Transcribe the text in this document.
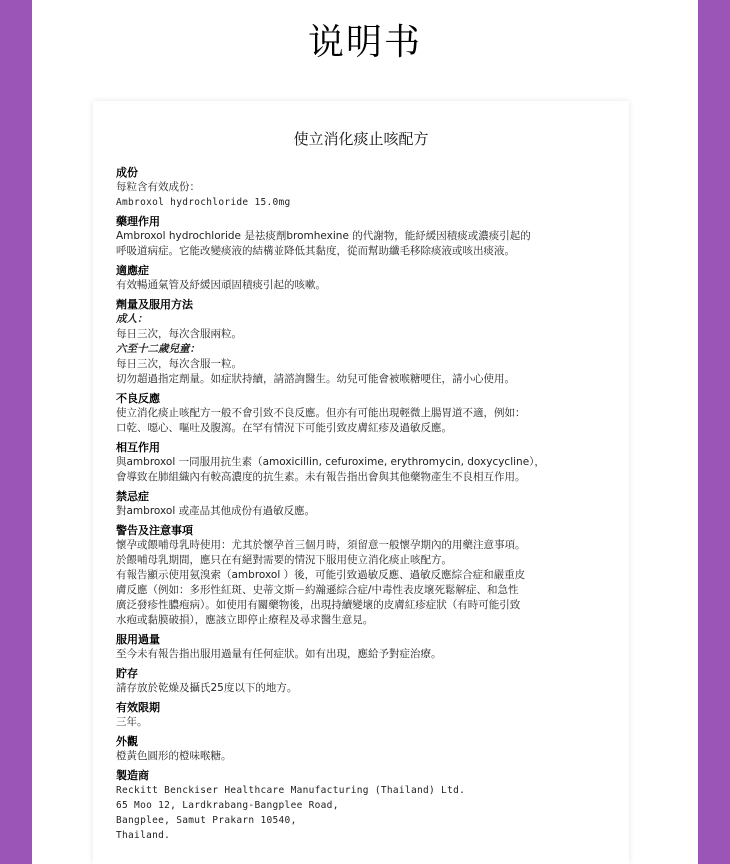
说明书
使立消化痰止咳配方
成份
每粒含有效成份：
Ambroxol hydrochloride 15.0mg
藥理作用
Ambroxol hydrochloride 是祛痰劑bromhexine 的代謝物，能紓緩因積痰或濃痰引起的
呼吸道病症。它能改變痰液的結構並降低其黏度，從而幫助纖毛移除痰液或咳出痰液。
適應症
有效暢通氣管及紓緩因頑固積痰引起的咳嗽。
劑量及服用方法
成人：
每日三次，每次含服兩粒。
六至十二歲兒童：
每日三次，每次含服一粒。
切勿超過指定劑量。如症狀持續，請諮詢醫生。幼兒可能會被喉糖哽住，請小心使用。
不良反應
使立消化痰止咳配方一般不會引致不良反應。但亦有可能出現輕微上腸胃道不適，例如：
口乾、噁心、嘔吐及腹瀉。在罕有情況下可能引致皮膚紅疹及過敏反應。
相互作用
與ambroxol 一同服用抗生素（amoxicillin, cefuroxime, erythromycin, doxycycline），
會導致在肺組織內有較高濃度的抗生素。未有報告指出會與其他藥物產生不良相互作用。
禁忌症
對ambroxol 或產品其他成份有過敏反應。
警告及注意事項
懷孕或餵哺母乳時使用：尤其於懷孕首三個月時，須留意一般懷孕期內的用藥注意事項。
於餵哺母乳期間，應只在有絕對需要的情況下服用使立消化痰止咳配方。
有報告顯示使用氨溴索（ambroxol ）後，可能引致過敏反應、過敏反應綜合症和嚴重皮
膚反應（例如：多形性紅斑、史蒂文斯－約瀚遜綜合症/中毒性表皮壞死鬆解症、和急性
廣泛發疹性膿疱病）。如使用有關藥物後，出現持續變壞的皮膚紅疹症狀（有時可能引致
水疱或黏膜破損），應該立即停止療程及尋求醫生意見。
服用過量
至今未有報告指出服用過量有任何症狀。如有出現，應給予對症治療。
貯存
請存放於乾燥及攝氏25度以下的地方。
有效限期
三年。
外觀
橙黃色圓形的橙味喉糖。
製造商
Reckitt Benckiser Healthcare Manufacturing (Thailand) Ltd.
65 Moo 12, Lardkrabang-Bangplee Road,
Bangplee, Samut Prakarn 10540,
Thailand.
